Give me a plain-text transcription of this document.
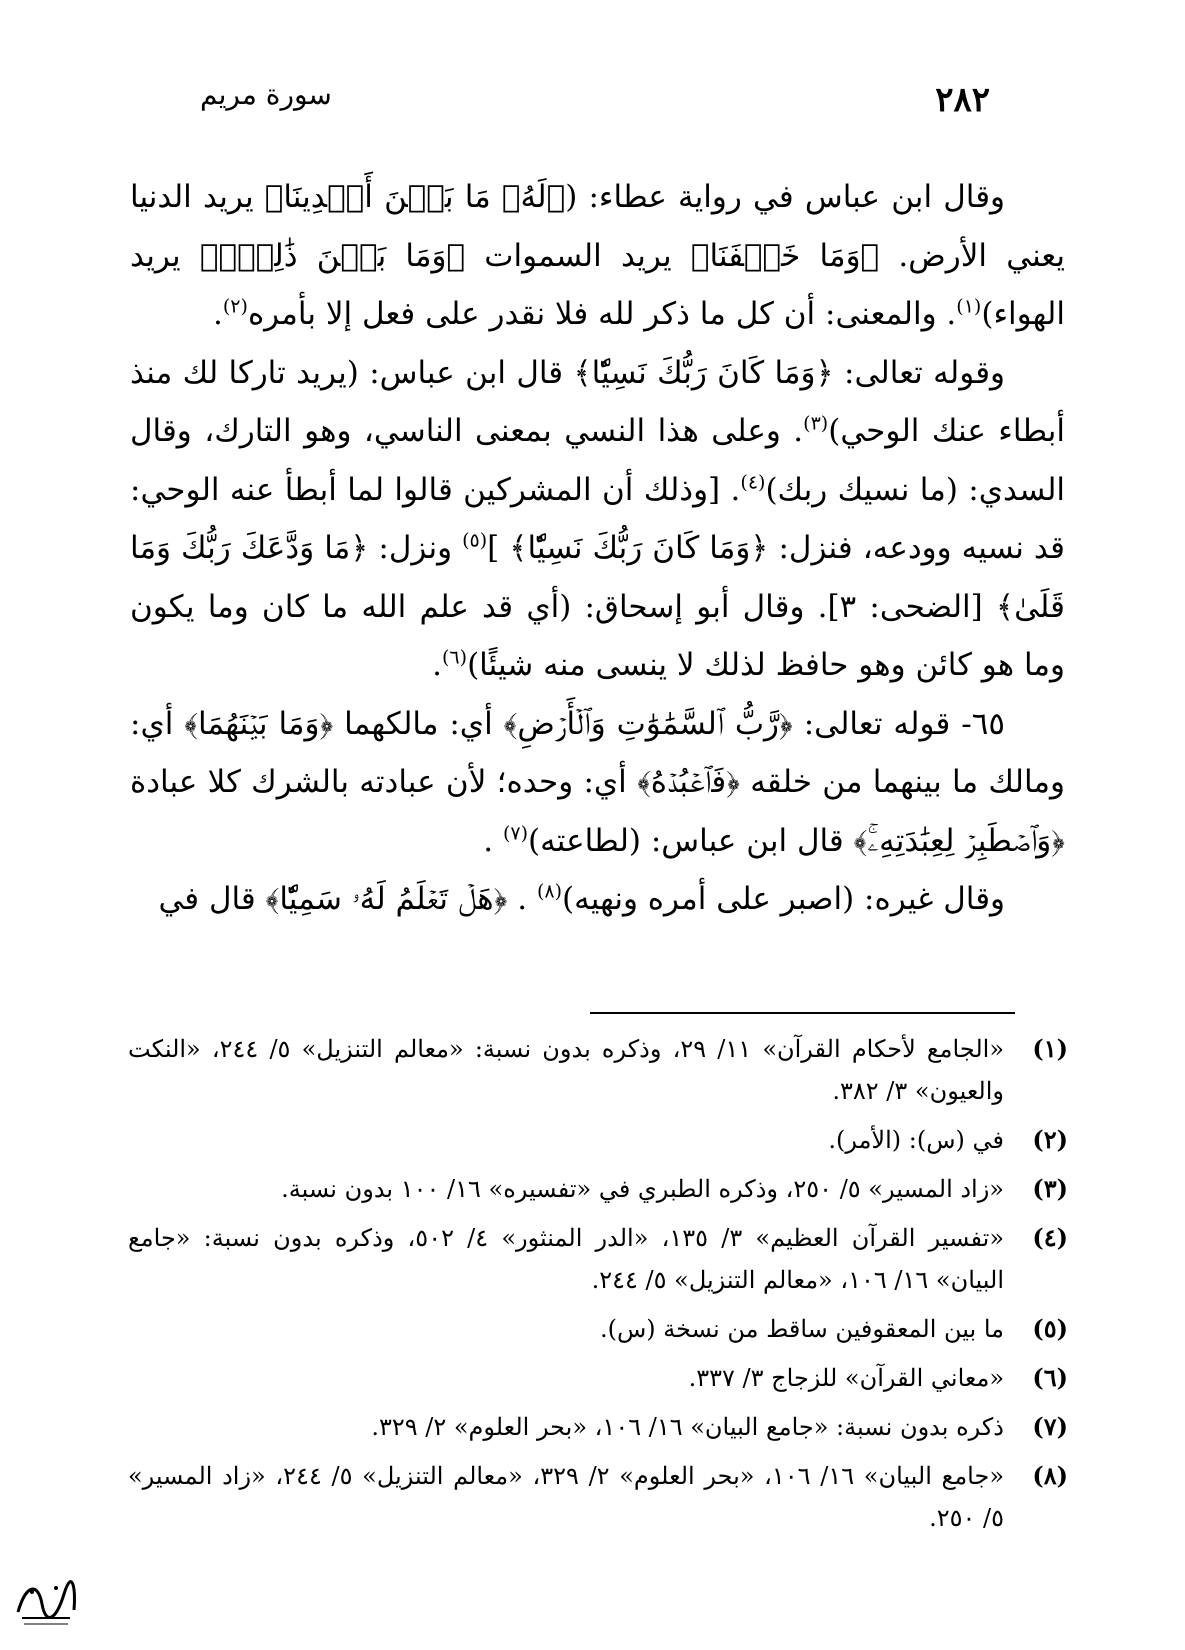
٢٨٢
سورة مريم

وقال ابن عباس في رواية عطاء: (﴿لَهُۥ مَا بَيۡنَ أَيۡدِينَا﴾ يريد الدنيا يعني الأرض. ﴿وَمَا خَلۡفَنَا﴾ يريد السموات ﴿وَمَا بَيۡنَ ذَٰلِكَۚ﴾ يريد الهواء)$^{(١)}$. والمعنى: أن كل ما ذكر لله فلا نقدر على فعل إلا بأمره$^{(٢)}$.

وقوله تعالى: ﴿وَمَا كَانَ رَبُّكَ نَسِيّٗا﴾ قال ابن عباس: (يريد تاركا لك منذ أبطاء عنك الوحي)$^{(٣)}$. وعلى هذا النسي بمعنى الناسي، وهو التارك، وقال السدي: (ما نسيك ربك)$^{(٤)}$. [وذلك أن المشركين قالوا لما أبطأ عنه الوحي: قد نسيه وودعه، فنزل: ﴿وَمَا كَانَ رَبُّكَ نَسِيّٗا﴾ ]$^{(٥)}$ ونزل: ﴿مَا وَدَّعَكَ رَبُّكَ وَمَا قَلَىٰ﴾ [الضحى: ٣]. وقال أبو إسحاق: (أي قد علم الله ما كان وما يكون وما هو كائن وهو حافظ لذلك لا ينسى منه شيئًا)$^{(٦)}$.

٦٥- قوله تعالى: ﴿رَّبُّ ٱلسَّمَٰوَٰتِ وَٱلۡأَرۡضِ﴾ أي: مالكهما ﴿وَمَا بَيۡنَهُمَا﴾ أي: ومالك ما بينهما من خلقه ﴿فَٱعۡبُدۡهُ﴾ أي: وحده؛ لأن عبادته بالشرك كلا عبادة ﴿وَٱصۡطَبِرۡ لِعِبَٰدَتِهِۦۚ﴾ قال ابن عباس: (لطاعته)$^{(٧)}$ .

وقال غيره: (اصبر على أمره ونهيه)$^{(٨)}$ . ﴿هَلۡ تَعۡلَمُ لَهُۥ سَمِيّٗا﴾ قال في

(١)
«الجامع لأحكام القرآن» ١١/ ٢٩، وذكره بدون نسبة: «معالم التنزيل» ٥/ ٢٤٤، «النكت والعيون» ٣/ ٣٨٢.
(٢)
في (س): (الأمر).
(٣)
«زاد المسير» ٥/ ٢٥٠، وذكره الطبري في «تفسيره» ١٦/ ١٠٠ بدون نسبة.
(٤)
«تفسير القرآن العظيم» ٣/ ١٣٥، «الدر المنثور» ٤/ ٥٠٢، وذكره بدون نسبة: «جامع البيان» ١٦/ ١٠٦، «معالم التنزيل» ٥/ ٢٤٤.
(٥)
ما بين المعقوفين ساقط من نسخة (س).
(٦)
«معاني القرآن» للزجاج ٣/ ٣٣٧.
(٧)
ذكره بدون نسبة: «جامع البيان» ١٦/ ١٠٦، «بحر العلوم» ٢/ ٣٢٩.
(٨)
«جامع البيان» ١٦/ ١٠٦، «بحر العلوم» ٢/ ٣٢٩، «معالم التنزيل» ٥/ ٢٤٤، «زاد المسير» ٥/ ٢٥٠.
